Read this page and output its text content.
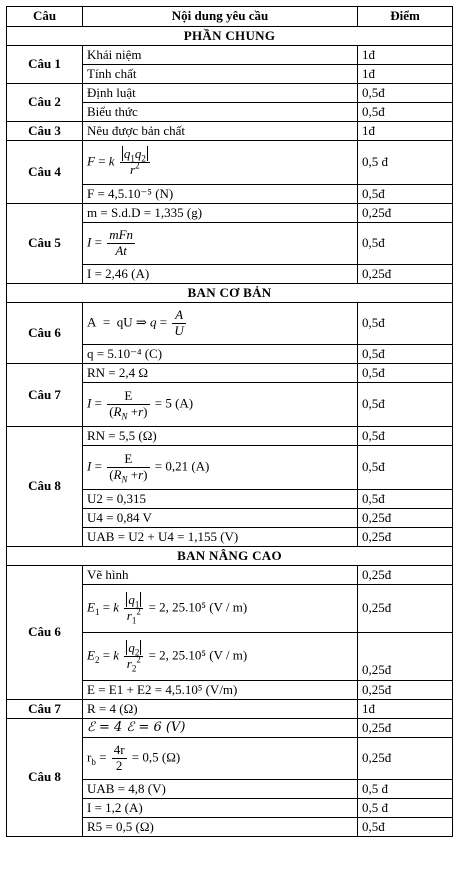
Câu	Nội dung yêu cầu	Điểm
PHẦN CHUNG		
Câu 1	Khái niệm	1đ
	Tính chất	1đ
Câu 2	Định luật	0,5đ
	Biểu thức	0,5đ
Câu 3	Nêu được bản chất	1đ
Câu 4	F = k $\frac{q_1q_2}{r^2}$	0,5 đ
	F = 4,5.10⁻⁵ (N)	0,5đ
Câu 5	m = S.d.D = 1,335 (g)	0,25đ
	$I = \frac{\text{mFn}}{At}$	0,5đ
	I = 2,46 (A)	0,25đ
BAN CƠ BẢN		
Câu 6	A  =  qU ⇒ $q = \frac{A}{U}$	0,5đ
	q = 5.10⁻⁴ (C)	0,5đ
Câu 7	RN = 2,4 Ω	0,5đ
	$I = \frac{E}{(R_N +r)} = 5$ (A)	0,5đ
Câu 8	RN = 5,5 (Ω)	0,5đ
	$I = \frac{E}{(R_N +r)} = 0,21$ (A)	0,5đ
	U2 = 0,315	0,5đ
	U4 = 0,84 V	0,25đ
	UAB = U2 + U4 = 1,155 (V)	0,25đ
BAN NÂNG CAO		
Câu 6	Vẽ hình	0,25đ
	$E_1 = k \frac{q_1}{r_1^2} = 2$, 25.10⁵ (V / m)	0,25đ
	$E_2 = k \frac{q_2}{r_2^2} = 2$, 25.10⁵ (V / m)	0,25đ
	E = E1 + E2 = 4,5.10⁵ (V/m)	0,25đ
Câu 7	R = 4 (Ω)	1đ
Câu 8	ℰ = 4 ℰ = 6 (V)	0,25đ
	$r_b = \frac{4r}{2} = 0,5$ (Ω)	0,25đ
	UAB = 4,8 (V)	0,5 đ
	I = 1,2 (A)	0,5 đ
	R5 = 0,5 (Ω)	0,5đ
